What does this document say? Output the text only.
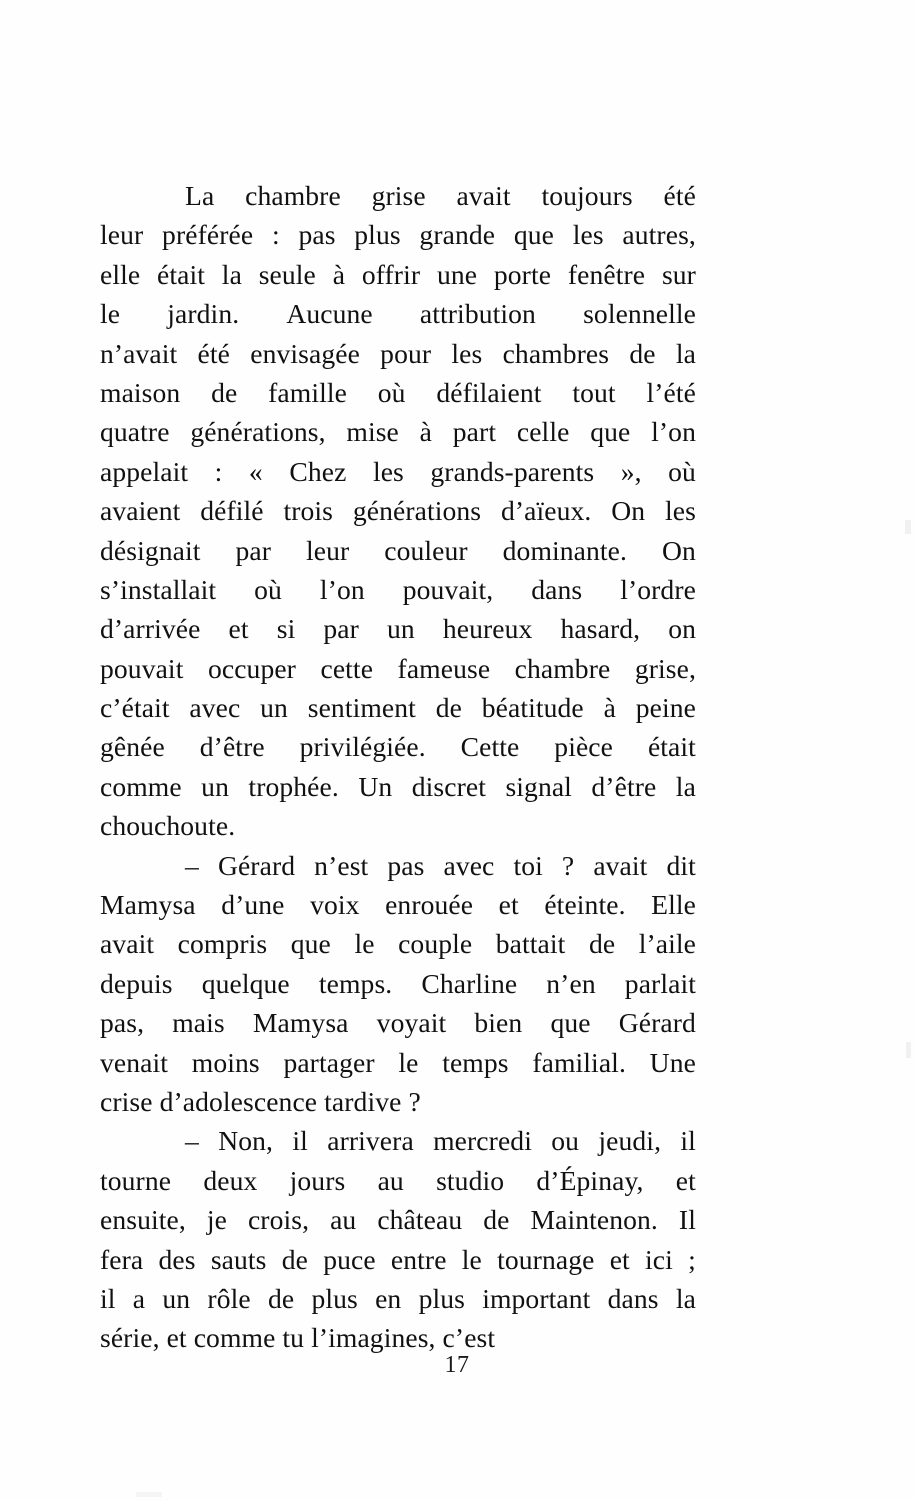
La chambre grise avait toujours été
leur préférée : pas plus grande que les autres,
elle était la seule à offrir une porte fenêtre sur
le jardin. Aucune attribution solennelle
n’avait été envisagée pour les chambres de la
maison de famille où défilaient tout l’été
quatre générations, mise à part celle que l’on
appelait : « Chez les grands-parents », où
avaient défilé trois générations d’aïeux. On les
désignait par leur couleur dominante. On
s’installait où l’on pouvait, dans l’ordre
d’arrivée et si par un heureux hasard, on
pouvait occuper cette fameuse chambre grise,
c’était avec un sentiment de béatitude à peine
gênée d’être privilégiée. Cette pièce était
comme un trophée. Un discret signal d’être la
chouchoute.

– Gérard n’est pas avec toi ? avait dit
Mamysa d’une voix enrouée et éteinte. Elle
avait compris que le couple battait de l’aile
depuis quelque temps. Charline n’en parlait
pas, mais Mamysa voyait bien que Gérard
venait moins partager le temps familial. Une
crise d’adolescence tardive ?

– Non, il arrivera mercredi ou jeudi, il
tourne deux jours au studio d’Épinay, et
ensuite, je crois, au château de Maintenon. Il
fera des sauts de puce entre le tournage et ici ;
il a un rôle de plus en plus important dans la
série, et comme tu l’imagines, c’est

17
